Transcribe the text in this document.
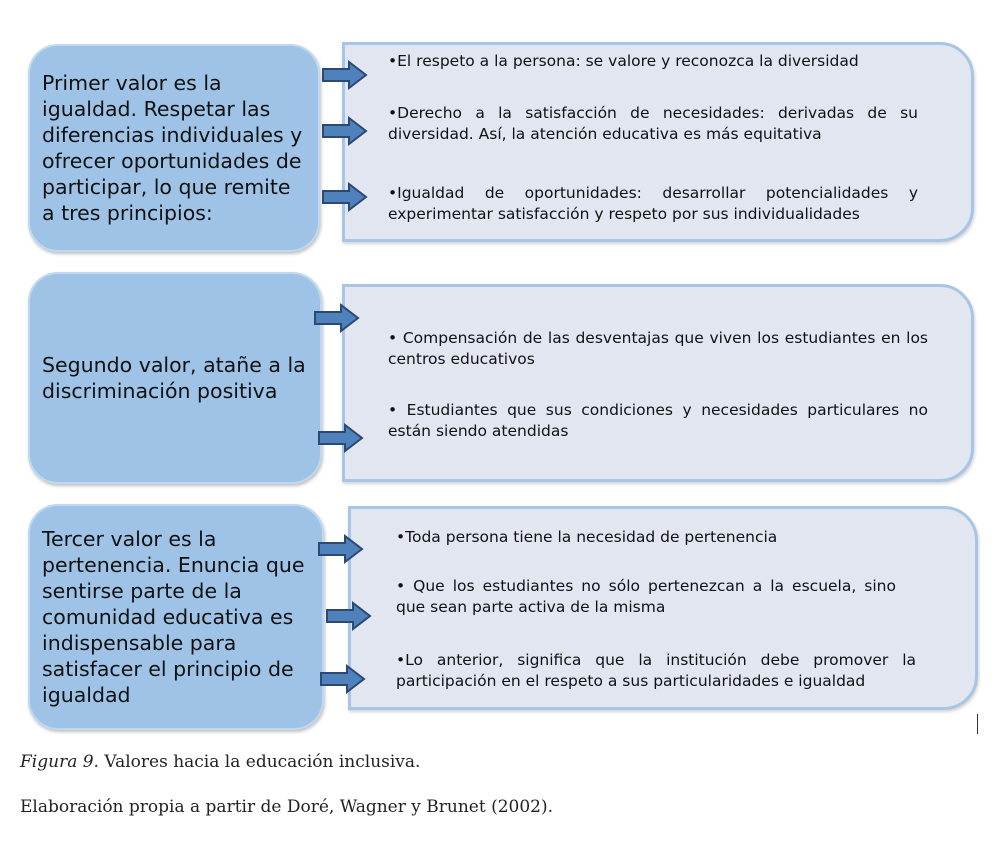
Primer valor es la igualdad. Respetar las diferencias individuales y ofrecer oportunidades de participar, lo que remite a tres principios:
•El respeto a la persona: se valore y reconozca la diversidad
•Derecho a la satisfacción de necesidades: derivadas de su diversidad. Así, la atención educativa es más equitativa
•Igualdad de oportunidades: desarrollar potencialidades y experimentar satisfacción y respeto por sus individualidades
Segundo valor, atañe a la discriminación positiva
• Compensación de las desventajas que viven los estudiantes en los centros educativos
• Estudiantes que sus condiciones y necesidades particulares no están siendo atendidas
Tercer valor es la pertenencia. Enuncia que sentirse parte de la comunidad educativa es indispensable para satisfacer el principio de igualdad
•Toda persona tiene la necesidad de pertenencia
• Que los estudiantes no sólo pertenezcan a la escuela, sino que sean parte activa de la misma
•Lo anterior, significa que la institución debe promover la participación en el respeto a sus particularidades e igualdad
Figura 9. Valores hacia la educación inclusiva.
Elaboración propia a partir de Doré, Wagner y Brunet (2002).
